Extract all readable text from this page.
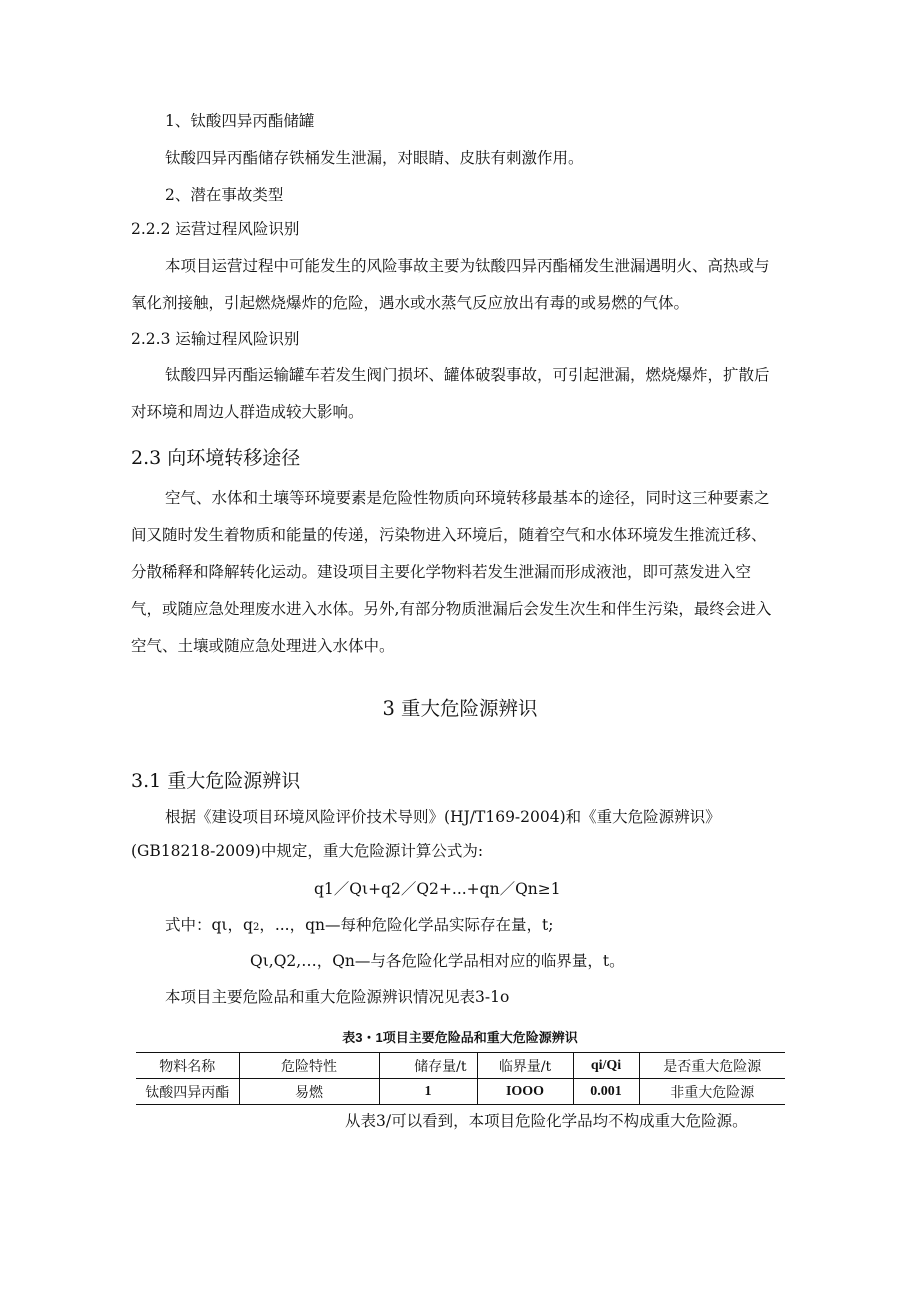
1、钛酸四异丙酯储罐
钛酸四异丙酯储存铁桶发生泄漏，对眼睛、皮肤有刺激作用。
2、潜在事故类型
2.2.2 运营过程风险识别
本项目运营过程中可能发生的风险事故主要为钛酸四异丙酯桶发生泄漏遇明火、高热或与氧化剂接触，引起燃烧爆炸的危险，遇水或水蒸气反应放出有毒的或易燃的气体。
2.2.3 运输过程风险识别
钛酸四异丙酯运输罐车若发生阀门损坏、罐体破裂事故，可引起泄漏，燃烧爆炸，扩散后对环境和周边人群造成较大影响。
2.3 向环境转移途径
空气、水体和土壤等环境要素是危险性物质向环境转移最基本的途径，同时这三种要素之间又随时发生着物质和能量的传递，污染物进入环境后，随着空气和水体环境发生推流迁移、分散稀释和降解转化运动。建设项目主要化学物料若发生泄漏而形成液池，即可蒸发进入空气，或随应急处理废水进入水体。另外,有部分物质泄漏后会发生次生和伴生污染，最终会进入空气、土壤或随应急处理进入水体中。
3 重大危险源辨识
3.1 重大危险源辨识
根据《建设项目环境风险评价技术导则》(HJ/T169-2004)和《重大危险源辨识》(GB18218-2009)中规定，重大危险源计算公式为:
q1／Qι+q2／Q2+...+qn／Qn≥1
式中：qι，q2，...，qn—每种危险化学品实际存在量，t;
Qι,Q2,…，Qn—与各危险化学品相对应的临界量，t。
本项目主要危险品和重大危险源辨识情况见表3-1o
表3・1项目主要危险品和重大危险源辨识
物料名称	危险特性	储存量/t	临界量/t	qi/Qi	是否重大危险源
钛酸四异丙酯	易燃	1	IOOO	0.001	非重大危险源
从表3/可以看到，本项目危险化学品均不构成重大危险源。
